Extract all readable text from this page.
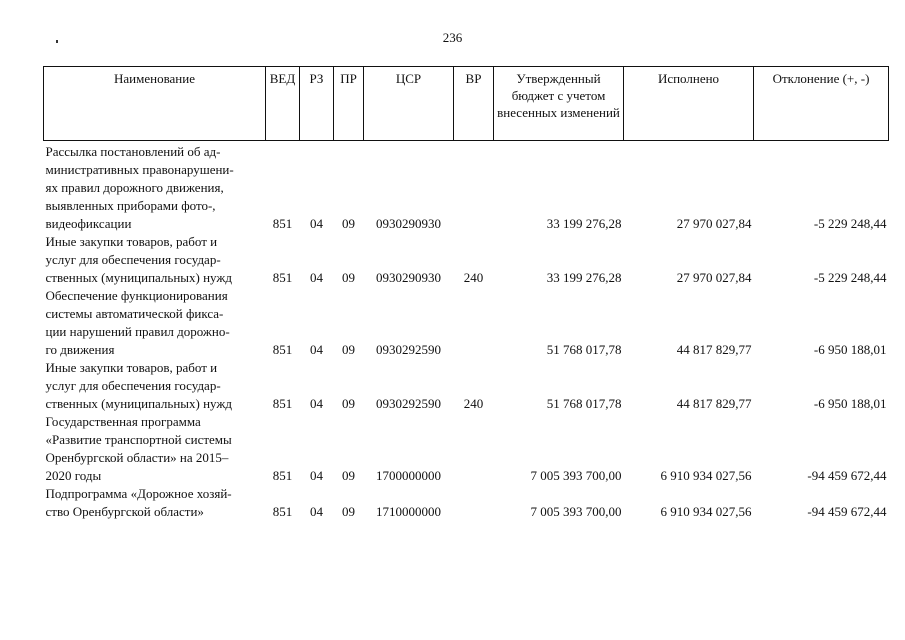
236
Наименование	ВЕД	РЗ	ПР	ЦСР	ВР	Утвержденный бюджет с учетом внесенных изменений	Исполнено	Отклонение (+, -)

Рассылка постановлений об ад-
министративных правонарушени-
ях правил дорожного движения,
выявленных приборами фото-,
видеофиксации	851	04	09	0930290930		33 199 276,28	27 970 027,84	-5 229 248,44

Иные закупки товаров, работ и
услуг для обеспечения государ-
ственных (муниципальных) нужд	851	04	09	0930290930	240	33 199 276,28	27 970 027,84	-5 229 248,44

Обеспечение функционирования
системы автоматической фикса-
ции нарушений правил дорожно-
го движения	851	04	09	0930292590		51 768 017,78	44 817 829,77	-6 950 188,01

Иные закупки товаров, работ и
услуг для обеспечения государ-
ственных (муниципальных) нужд	851	04	09	0930292590	240	51 768 017,78	44 817 829,77	-6 950 188,01

Государственная программа
«Развитие транспортной системы
Оренбургской области» на 2015–
2020 годы	851	04	09	1700000000		7 005 393 700,00	6 910 934 027,56	-94 459 672,44

Подпрограмма «Дорожное хозяй-
ство Оренбургской области»	851	04	09	1710000000		7 005 393 700,00	6 910 934 027,56	-94 459 672,44
